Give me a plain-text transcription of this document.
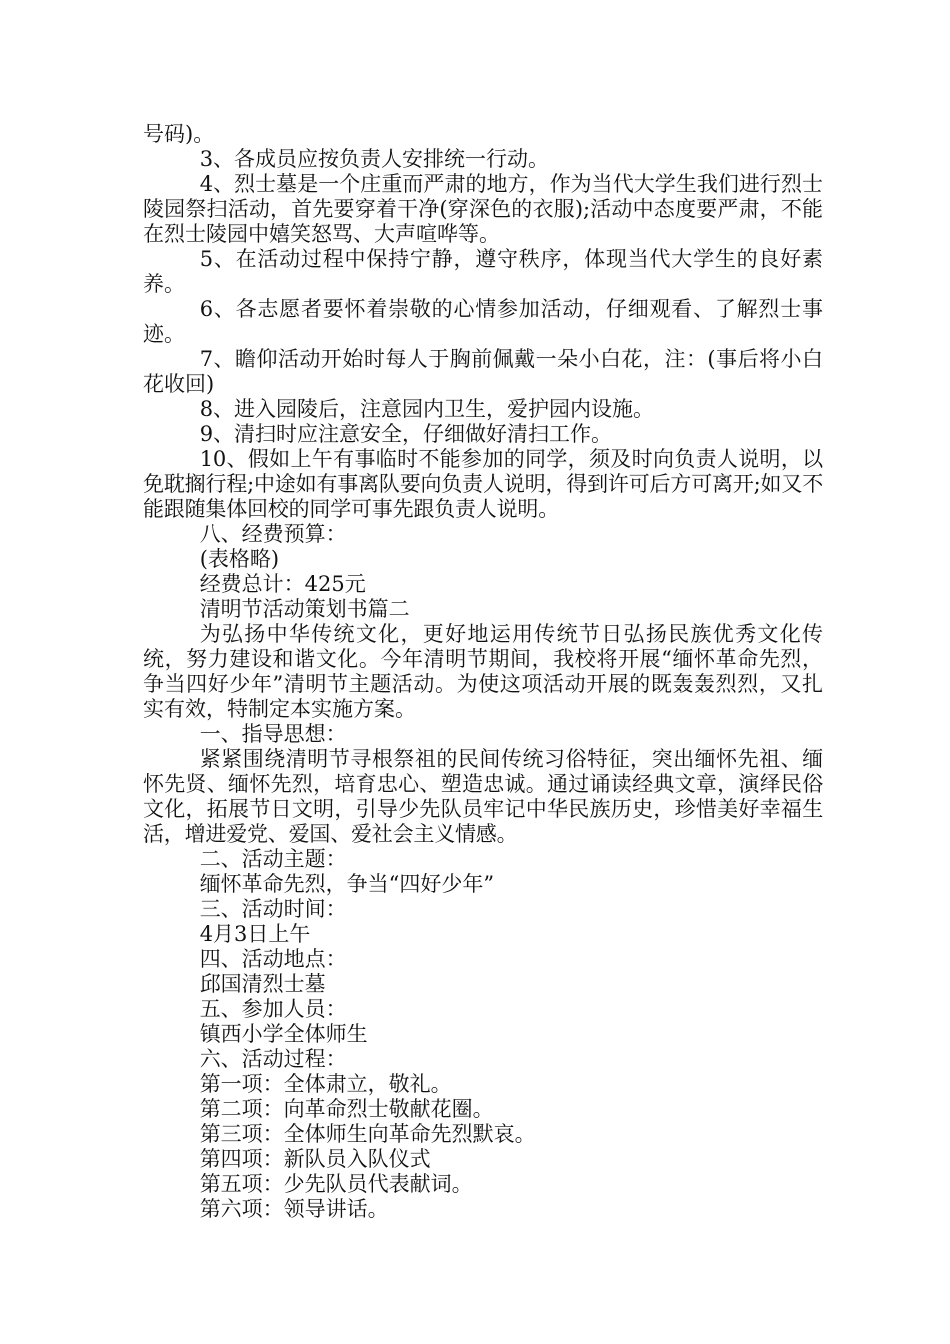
号码)。

3、各成员应按负责人安排统一行动。

4、烈士墓是一个庄重而严肃的地方，作为当代大学生我们进行烈士陵园祭扫活动，首先要穿着干净(穿深色的衣服);活动中态度要严肃，不能在烈士陵园中嬉笑怒骂、大声喧哗等。

5、在活动过程中保持宁静，遵守秩序，体现当代大学生的良好素养。

6、各志愿者要怀着崇敬的心情参加活动，仔细观看、了解烈士事迹。

7、瞻仰活动开始时每人于胸前佩戴一朵小白花，注：(事后将小白花收回)

8、进入园陵后，注意园内卫生，爱护园内设施。

9、清扫时应注意安全，仔细做好清扫工作。

10、假如上午有事临时不能参加的同学，须及时向负责人说明，以免耽搁行程;中途如有事离队要向负责人说明，得到许可后方可离开;如又不能跟随集体回校的同学可事先跟负责人说明。

八、经费预算：

(表格略)

经费总计：425元

清明节活动策划书篇二

为弘扬中华传统文化，更好地运用传统节日弘扬民族优秀文化传统，努力建设和谐文化。今年清明节期间，我校将开展“缅怀革命先烈，争当四好少年”清明节主题活动。为使这项活动开展的既轰轰烈烈，又扎实有效，特制定本实施方案。

一、指导思想：

紧紧围绕清明节寻根祭祖的民间传统习俗特征，突出缅怀先祖、缅怀先贤、缅怀先烈，培育忠心、塑造忠诚。通过诵读经典文章，演绎民俗文化，拓展节日文明，引导少先队员牢记中华民族历史，珍惜美好幸福生活，增进爱党、爱国、爱社会主义情感。

二、活动主题：

缅怀革命先烈，争当“四好少年”

三、活动时间：

4月3日上午

四、活动地点：

邱国清烈士墓

五、参加人员：

镇西小学全体师生

六、活动过程：

第一项：全体肃立，敬礼。

第二项：向革命烈士敬献花圈。

第三项：全体师生向革命先烈默哀。

第四项：新队员入队仪式

第五项：少先队员代表献词。

第六项：领导讲话。
